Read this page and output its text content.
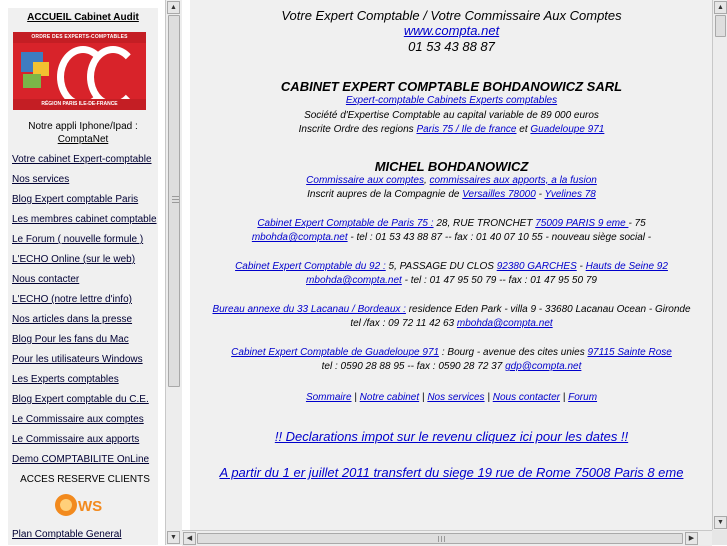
ACCUEIL Cabinet Audit
ORDRE DES EXPERTS-COMPTABLES
RÉGION PARIS ILE-DE-FRANCE
Notre appli Iphone/Ipad :
ComptaNet
Votre cabinet Expert-comptable
Nos services
Blog Expert comptable Paris
Les membres cabinet comptable
Le Forum ( nouvelle formule )
L'ECHO Online (sur le web)
Nous contacter
L'ECHO (notre lettre d'info)
Nos articles dans la presse
Blog Pour les fans du Mac
Pour les utilisateurs Windows
Les Experts comptables
Blog Expert comptable du C.E.
Le Commissaire aux comptes
Le Commissaire aux apports
Demo COMPTABILITE OnLine
ACCES RESERVE CLIENTS
WS
Plan Comptable General
▲
▼
Votre Expert Comptable / Votre Commissaire Aux Comptes
www.compta.net
01 53 43 88 87
CABINET EXPERT COMPTABLE BOHDANOWICZ SARL
Expert-comptable Cabinets Experts comptables
Société d'Expertise Comptable au capital variable de 89 000 euros
Inscrite Ordre des regions Paris 75 / Ile de france et Guadeloupe 971
MICHEL BOHDANOWICZ
Commissaire aux comptes, commissaires aux apports, a la fusion
Inscrit aupres de la Compagnie de Versailles 78000 - Yvelines 78
Cabinet Expert Comptable de Paris 75 : 28, RUE TRONCHET 75009 PARIS 9 eme - 75
mbohda@compta.net - tel : 01 53 43 88 87 -- fax : 01 40 07 10 55 - nouveau siège social -
Cabinet Expert Comptable du 92 : 5, PASSAGE DU CLOS 92380 GARCHES - Hauts de Seine 92
mbohda@compta.net - tel : 01 47 95 50 79 -- fax : 01 47 95 50 79
Bureau annexe du 33 Lacanau / Bordeaux : residence Eden Park - villa 9 - 33680 Lacanau Ocean - Gironde
tel /fax : 09 72 11 42 63 mbohda@compta.net
Cabinet Expert Comptable de Guadeloupe 971 : Bourg - avenue des cites unies 97115 Sainte Rose
tel : 0590 28 88 95 -- fax : 0590 28 72 37 gdp@compta.net
Sommaire | Notre cabinet | Nos services | Nous contacter | Forum
!! Declarations impot sur le revenu cliquez ici pour les dates !!
A partir du 1 er juillet 2011 transfert du siege 19 rue de Rome 75008 Paris 8 eme
▲
▼
◀	▶
